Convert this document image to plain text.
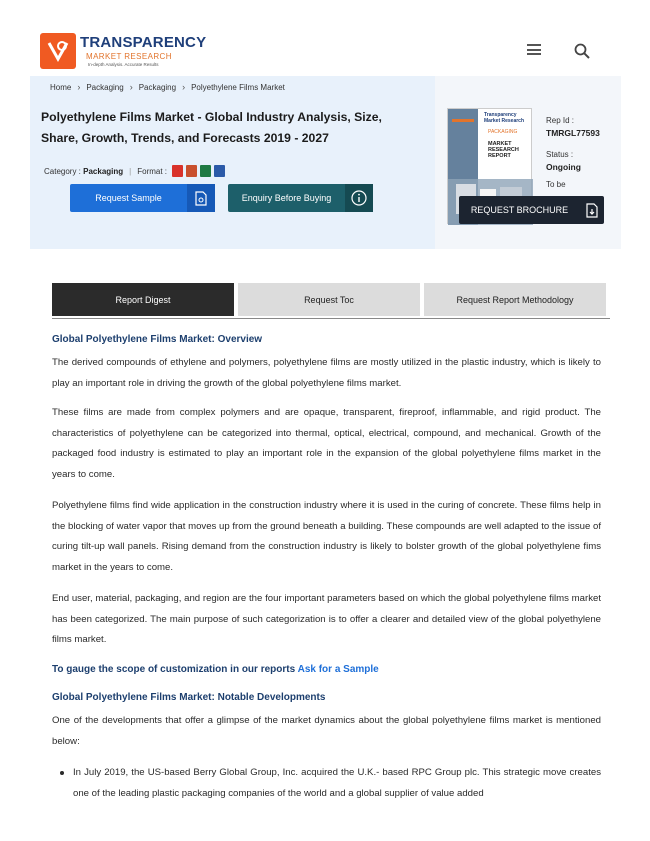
TRANSPARENCY
MARKET RESEARCH
In-depth Analysis. Accurate Results
Home › Packaging › Packaging › Polyethylene Films Market
Polyethylene Films Market - Global Industry Analysis, Size, Share, Growth, Trends, and Forecasts 2019 - 2027
Category :
Packaging | Format :
Request Sample	Enquiry Before Buying
Transparency Market Research
PACKAGING
MARKET
RESEARCH
REPORT
Rep Id :
TMRGL77593
Status :
Ongoing
To be
REQUEST BROCHURE
Report Digest	Request Toc	Request Report Methodology
Global Polyethylene Films Market: Overview
The derived compounds of ethylene and polymers, polyethylene films are mostly utilized in the plastic industry, which is likely to play an important role in driving the growth of the global polyethylene films market.
These films are made from complex polymers and are opaque, transparent, fireproof, inflammable, and rigid product. The characteristics of polyethylene can be categorized into thermal, optical, electrical, compound, and mechanical. Growth of the packaged food industry is estimated to play an important role in the expansion of the global polyethylene films market in the years to come.
Polyethylene films find wide application in the construction industry where it is used in the curing of concrete. These films help in the blocking of water vapor that moves up from the ground beneath a building. These compounds are well adapted to the issue of curing tilt-up wall panels. Rising demand from the construction industry is likely to bolster growth of the global polyethylene fims market in the years to come.
End user, material, packaging, and region are the four important parameters based on which the global polyethylene films market has been categorized. The main purpose of such categorization is to offer a clearer and detailed view of the global polyethylene films market.
To gauge the scope of customization in our reports Ask for a Sample
Global Polyethylene Films Market: Notable Developments
One of the developments that offer a glimpse of the market dynamics about the global polyethylene films market is mentioned below:
In July 2019, the US-based Berry Global Group, Inc. acquired the U.K.- based RPC Group plc. This strategic move creates one of the leading plastic packaging companies of the world and a global supplier of value added
